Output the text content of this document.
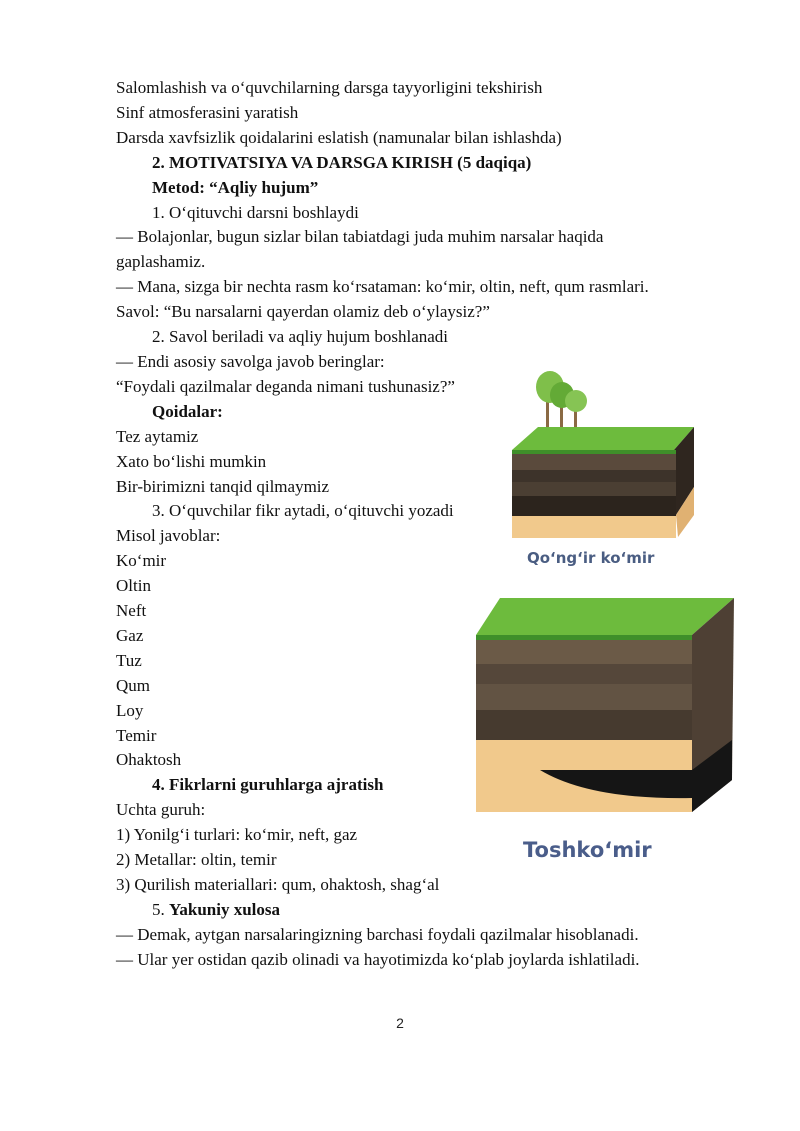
Salomlashish va o‘quvchilarning darsga tayyorligini tekshirish

Sinf atmosferasini yaratish

Darsda xavfsizlik qoidalarini eslatish (namunalar bilan ishlashda)

2. MOTIVATSIYA VA DARSGA KIRISH (5 daqiqa)

Metod: “Aqliy hujum”

1. O‘qituvchi darsni boshlaydi

— Bolajonlar, bugun sizlar bilan tabiatdagi juda muhim narsalar haqida

gaplashamiz.

— Mana, sizga bir nechta rasm ko‘rsataman: ko‘mir, oltin, neft, qum rasmlari.

Savol: “Bu narsalarni qayerdan olamiz deb o‘ylaysiz?”

2. Savol beriladi va aqliy hujum boshlanadi

— Endi asosiy savolga javob beringlar:

“Foydali qazilmalar deganda nimani tushunasiz?”

Qoidalar:

Tez aytamiz

Xato bo‘lishi mumkin

Bir-birimizni tanqid qilmaymiz

3. O‘quvchilar fikr aytadi, o‘qituvchi yozadi

Misol javoblar:

Ko‘mir

Oltin

Neft

Gaz

Tuz

Qum

Loy

Temir

Ohaktosh

4. Fikrlarni guruhlarga ajratish

Uchta guruh:

1) Yonilg‘i turlari: ko‘mir, neft, gaz

2) Metallar: oltin, temir

3) Qurilish materiallari: qum, ohaktosh, shag‘al

5. Yakuniy xulosa

— Demak, aytgan narsalaringizning barchasi foydali qazilmalar hisoblanadi.

— Ular yer ostidan qazib olinadi va hayotimizda ko‘plab joylarda ishlatiladi.

Qo‘ng‘ir ko‘mir
Toshko‘mir
2
